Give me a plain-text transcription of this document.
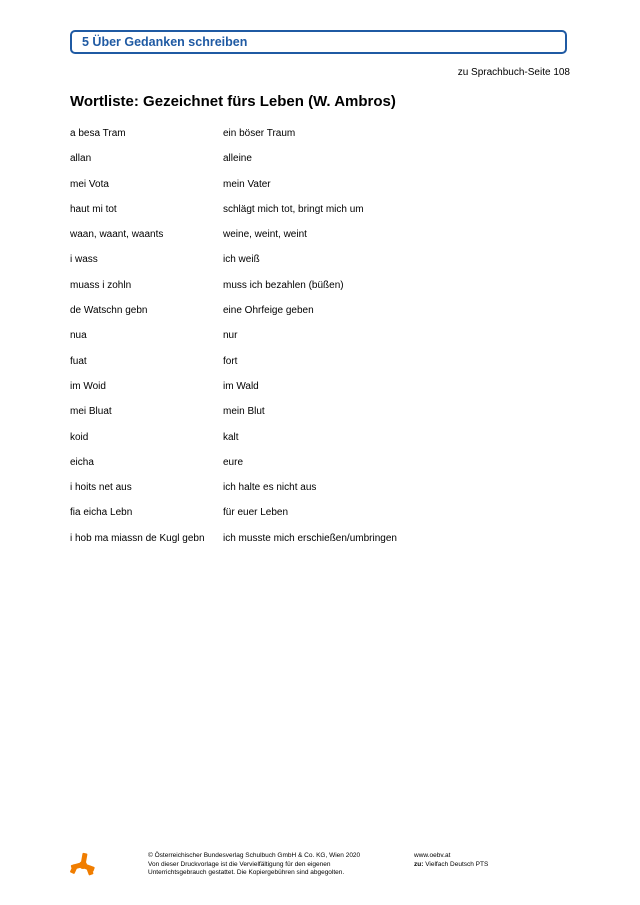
5 Über Gedanken schreiben
zu Sprachbuch-Seite 108
Wortliste: Gezeichnet fürs Leben (W. Ambros)
a besa Tram	ein böser Traum
allan	alleine
mei Vota	mein Vater
haut mi tot	schlägt mich tot, bringt mich um
waan, waant, waants	weine, weint, weint
i wass	ich weiß
muass i zohln	muss ich bezahlen (büßen)
de Watschn gebn	eine Ohrfeige geben
nua	nur
fuat	fort
im Woid	im Wald
mei Bluat	mein Blut
koid	kalt
eicha	eure
i hoits net aus	ich halte es nicht aus
fia eicha Lebn	für euer Leben
i hob ma miassn de Kugl gebn	ich musste mich erschießen/umbringen
© Österreichischer Bundesverlag Schulbuch GmbH & Co. KG, Wien 2020
Von dieser Druckvorlage ist die Vervielfältigung für den eigenen
Unterrichtsgebrauch gestattet. Die Kopiergebühren sind abgegolten.
www.oebv.at
zu: Vielfach Deutsch PTS
